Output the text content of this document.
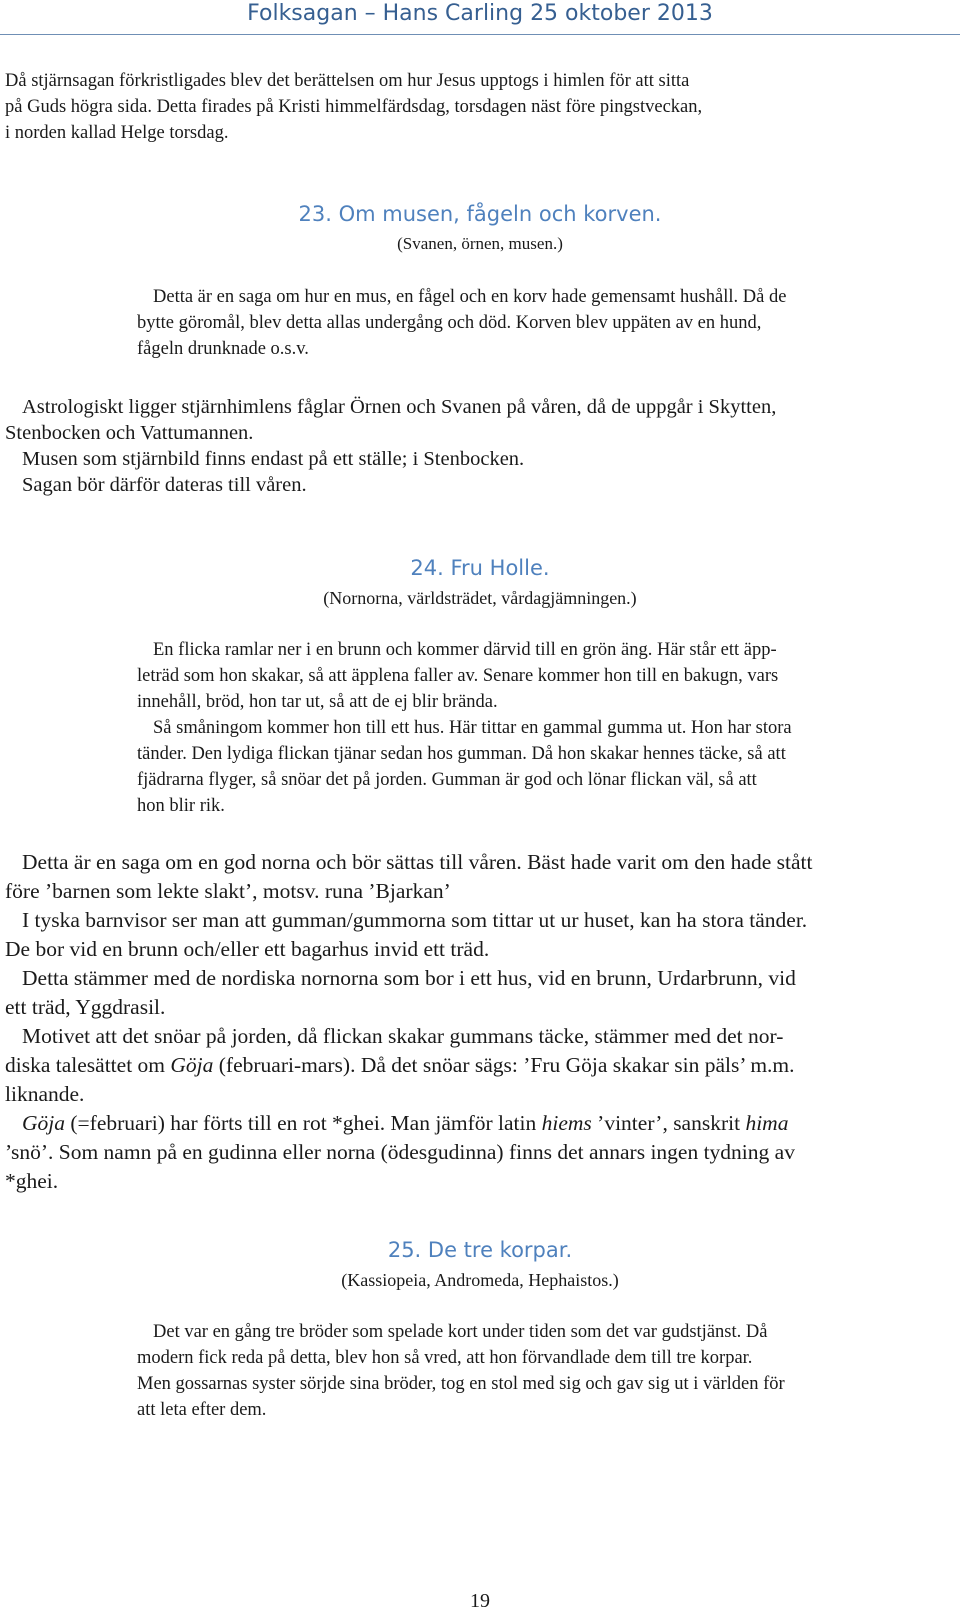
Folksagan – Hans Carling 25 oktober 2013
Då stjärnsagan förkristligades blev det berättelsen om hur Jesus upptogs i himlen för att sitta
på Guds högra sida. Detta firades på Kristi himmelfärdsdag, torsdagen näst före pingstveckan,
i norden kallad Helge torsdag.
23. Om musen, fågeln och korven.
(Svanen, örnen, musen.)
Detta är en saga om hur en mus, en fågel och en korv hade gemensamt hushåll. Då de
bytte göromål, blev detta allas undergång och död. Korven blev uppäten av en hund,
fågeln drunknade o.s.v.
Astrologiskt ligger stjärnhimlens fåglar Örnen och Svanen på våren, då de uppgår i Skytten,
Stenbocken och Vattumannen.
Musen som stjärnbild finns endast på ett ställe; i Stenbocken.
Sagan bör därför dateras till våren.
24. Fru Holle.
(Nornorna, världsträdet, vårdagjämningen.)
En flicka ramlar ner i en brunn och kommer därvid till en grön äng. Här står ett äpp-
leträd som hon skakar, så att äpplena faller av. Senare kommer hon till en bakugn, vars
innehåll, bröd, hon tar ut, så att de ej blir brända.
Så småningom kommer hon till ett hus. Här tittar en gammal gumma ut. Hon har stora
tänder. Den lydiga flickan tjänar sedan hos gumman. Då hon skakar hennes täcke, så att
fjädrarna flyger, så snöar det på jorden. Gumman är god och lönar flickan väl, så att
hon blir rik.
Detta är en saga om en god norna och bör sättas till våren. Bäst hade varit om den hade stått
före ’barnen som lekte slakt’, motsv. runa ’Bjarkan’
I tyska barnvisor ser man att gumman/gummorna som tittar ut ur huset, kan ha stora tänder.
De bor vid en brunn och/eller ett bagarhus invid ett träd.
Detta stämmer med de nordiska nornorna som bor i ett hus, vid en brunn, Urdarbrunn, vid
ett träd, Yggdrasil.
Motivet att det snöar på jorden, då flickan skakar gummans täcke, stämmer med det nor-
diska talesättet om Göja (februari-mars). Då det snöar sägs: ’Fru Göja skakar sin päls’ m.m.
liknande.
Göja (=februari) har förts till en rot *ghei. Man jämför latin hiems ’vinter’, sanskrit hima
’snö’. Som namn på en gudinna eller norna (ödesgudinna) finns det annars ingen tydning av
*ghei.
25. De tre korpar.
(Kassiopeia, Andromeda, Hephaistos.)
Det var en gång tre bröder som spelade kort under tiden som det var gudstjänst. Då
modern fick reda på detta, blev hon så vred, att hon förvandlade dem till tre korpar.
Men gossarnas syster sörjde sina bröder, tog en stol med sig och gav sig ut i världen för
att leta efter dem.
19
